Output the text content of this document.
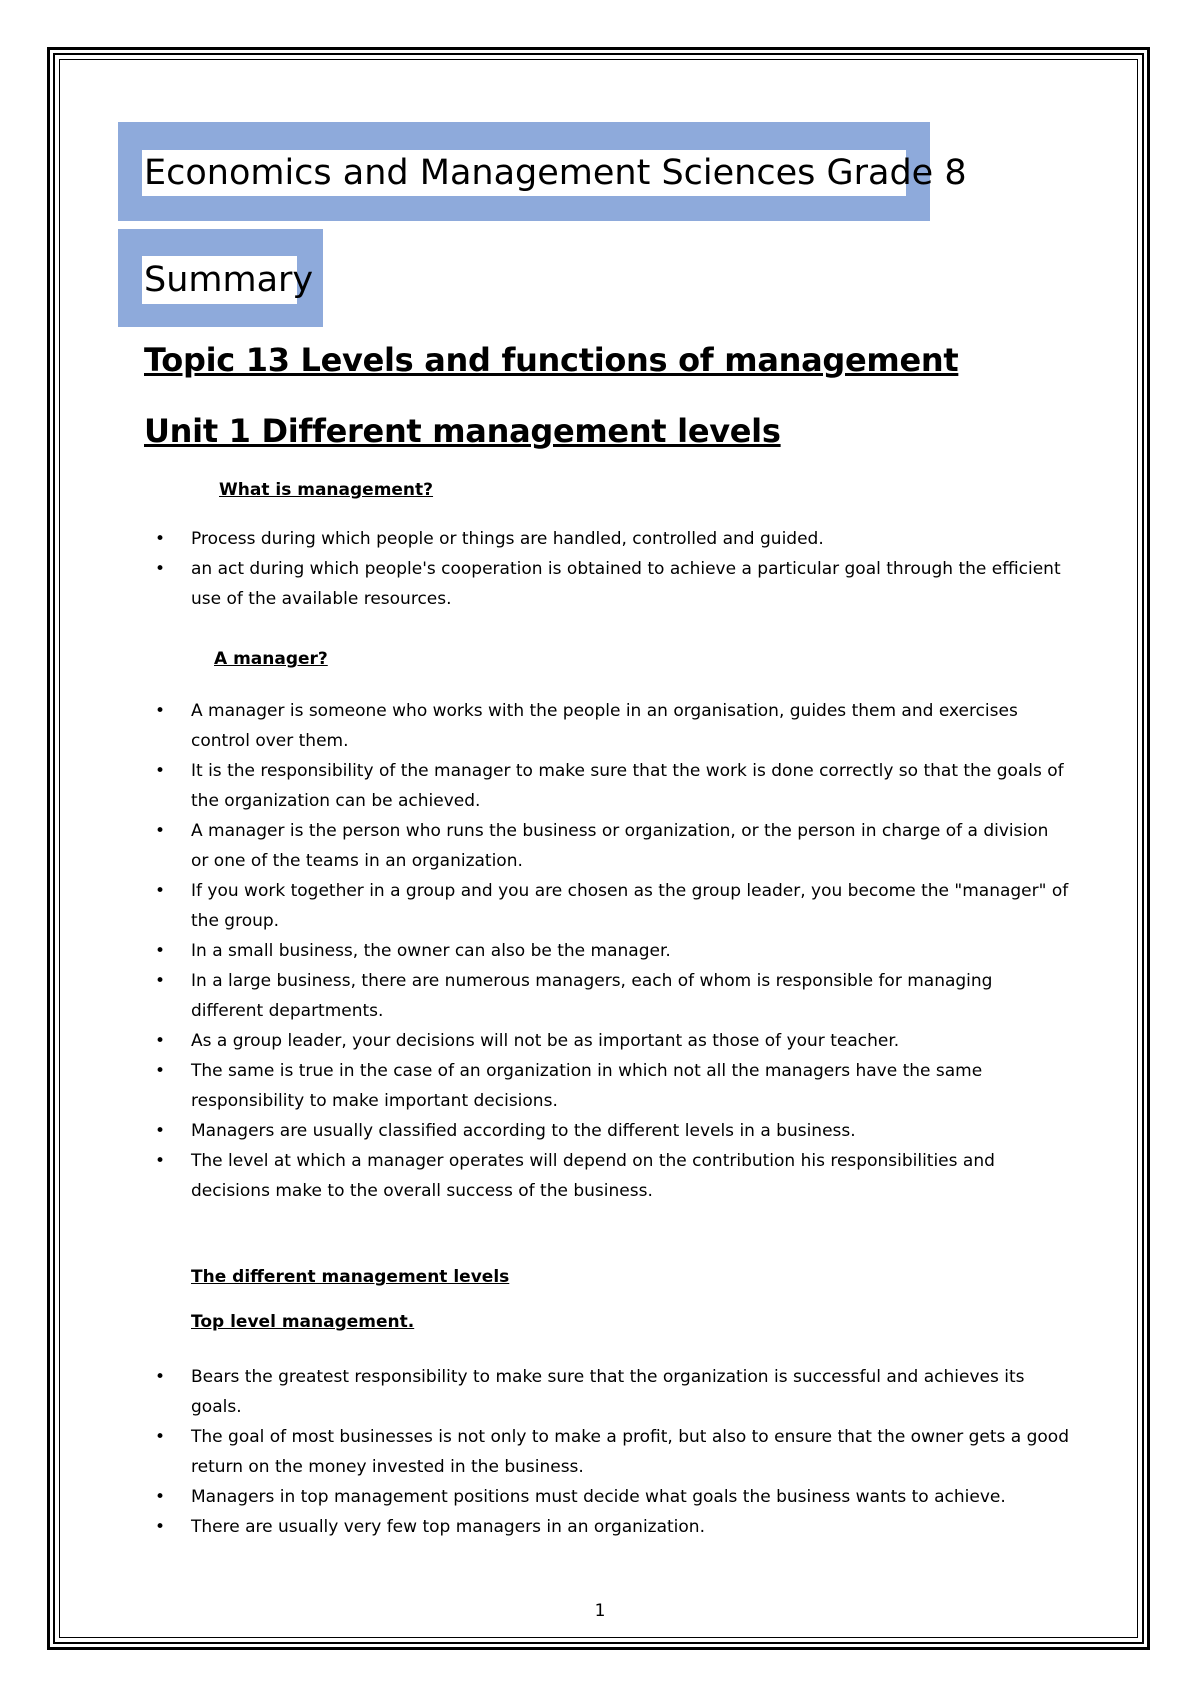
Economics and Management Sciences Grade 8
Summary
Topic 13 Levels and functions of management
Unit 1 Different management levels
What is management?
• Process during which people or things are handled, controlled and guided.
• an act during which people's cooperation is obtained to achieve a particular goal through the efficient use of the available resources.
A manager?
• A manager is someone who works with the people in an organisation, guides them and exercises control over them.
• It is the responsibility of the manager to make sure that the work is done correctly so that the goals of the organization can be achieved.
• A manager is the person who runs the business or organization, or the person in charge of a division or one of the teams in an organization.
• If you work together in a group and you are chosen as the group leader, you become the "manager" of the group.
• In a small business, the owner can also be the manager.
• In a large business, there are numerous managers, each of whom is responsible for managing different departments.
• As a group leader, your decisions will not be as important as those of your teacher.
• The same is true in the case of an organization in which not all the managers have the same responsibility to make important decisions.
• Managers are usually classified according to the different levels in a business.
• The level at which a manager operates will depend on the contribution his responsibilities and decisions make to the overall success of the business.
The different management levels
Top level management.
• Bears the greatest responsibility to make sure that the organization is successful and achieves its goals.
• The goal of most businesses is not only to make a profit, but also to ensure that the owner gets a good return on the money invested in the business.
• Managers in top management positions must decide what goals the business wants to achieve.
• There are usually very few top managers in an organization.
1
